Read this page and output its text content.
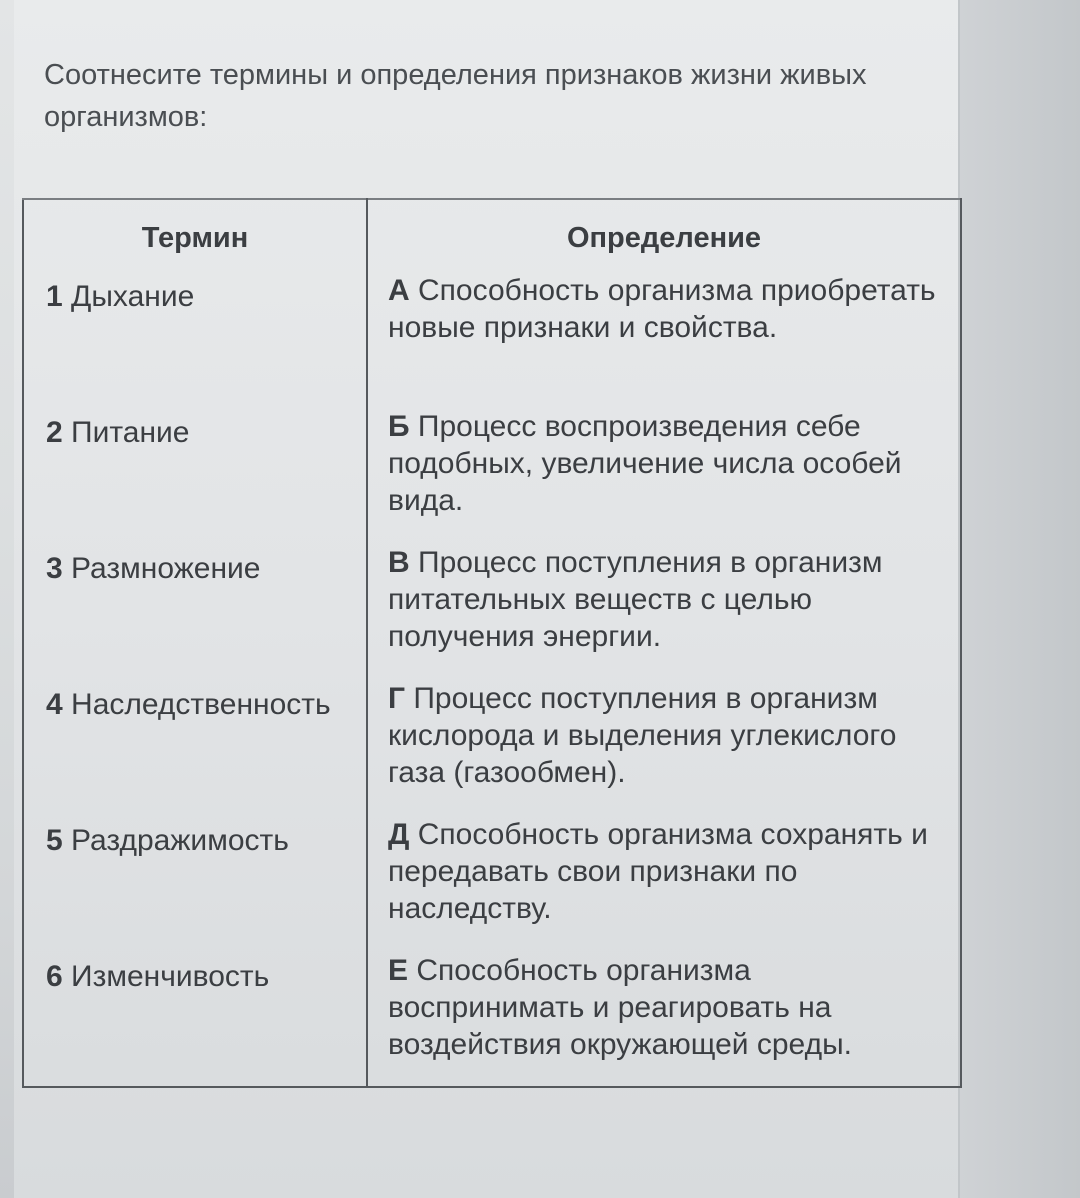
Соотнесите термины и определения признаков жизни живых организмов:

Термин	Определение
1 Дыхание	А Способность организма приобретать новые признаки и свойства.
2 Питание	Б Процесс воспроизведения себе подобных, увеличение числа особей вида.
3 Размножение	В Процесс поступления в организм питательных веществ с целью получения энергии.
4 Наследственность	Г Процесс поступления в организм кислорода и выделения углекислого газа (газообмен).
5 Раздражимость	Д Способность организма сохранять и передавать свои признаки по наследству.
6 Изменчивость	Е Способность организма воспринимать и реагировать на воздействия окружающей среды.
